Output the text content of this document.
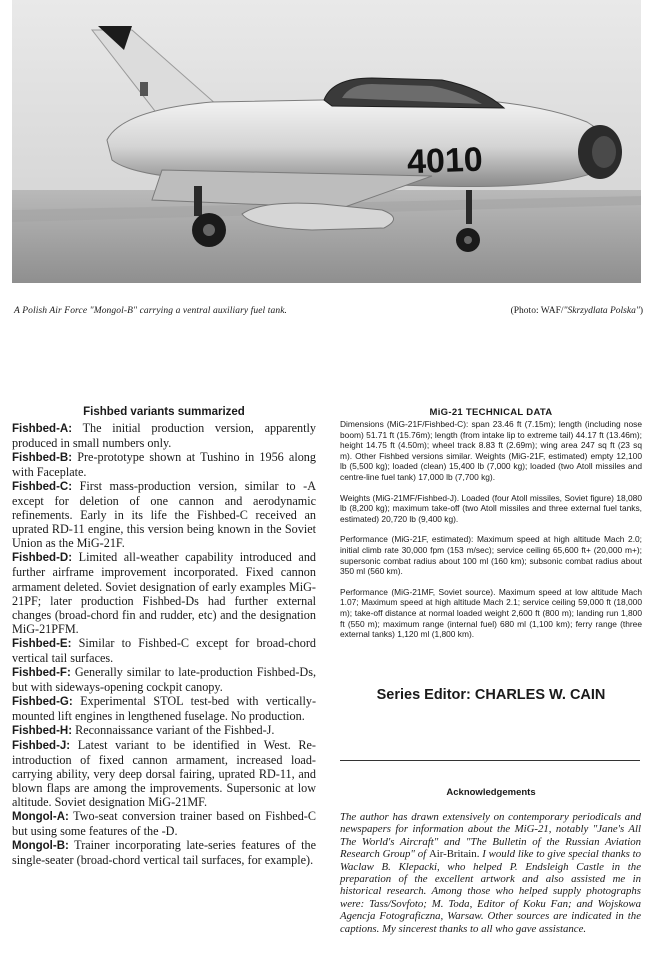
4010
A Polish Air Force "Mongol-B" carrying a ventral auxiliary fuel tank.	(Photo: WAF/"Skrzydlata Polska")
Fishbed variants summarized

Fishbed-A: The initial production version, apparently produced in small numbers only.

Fishbed-B: Pre-prototype shown at Tushino in 1956 along with Faceplate.

Fishbed-C: First mass-production version, similar to -A except for deletion of one cannon and aerodynamic refinements. Early in its life the Fishbed-C received an uprated RD-11 engine, this version being known in the Soviet Union as the MiG-21F.

Fishbed-D: Limited all-weather capability introduced and further airframe improvement incorporated. Fixed cannon armament deleted. Soviet designation of early examples MiG-21PF; later production Fishbed-Ds had further external changes (broad-chord fin and rudder, etc) and the designation MiG-21PFM.

Fishbed-E: Similar to Fishbed-C except for broad-chord vertical tail surfaces.

Fishbed-F: Generally similar to late-production Fishbed-Ds, but with sideways-opening cockpit canopy.

Fishbed-G: Experimental STOL test-bed with vertically-mounted lift engines in lengthened fuselage. No production.

Fishbed-H: Reconnaissance variant of the Fishbed-J.

Fishbed-J: Latest variant to be identified in West. Re-introduction of fixed cannon armament, increased load-carrying ability, very deep dorsal fairing, uprated RD-11, and blown flaps are among the improvements. Supersonic at low altitude. Soviet designation MiG-21MF.

Mongol-A: Two-seat conversion trainer based on Fishbed-C but using some features of the -D.

Mongol-B: Trainer incorporating late-series features of the single-seater (broad-chord vertical tail surfaces, for example).

MiG-21 TECHNICAL DATA

Dimensions (MiG-21F/Fishbed-C): span 23.46 ft (7.15m); length (including nose boom) 51.71 ft (15.76m); length (from intake lip to extreme tail) 44.17 ft (13.46m); height 14.75 ft (4.50m); wheel track 8.83 ft (2.69m); wing area 247 sq ft (23 sq m). Other Fishbed versions similar. Weights (MiG-21F, estimated) empty 12,100 lb (5,500 kg); loaded (clean) 15,400 lb (7,000 kg); loaded (two Atoll missiles and centre-line fuel tank) 17,000 lb (7,700 kg).

Weights (MiG-21MF/Fishbed-J). Loaded (four Atoll missiles, Soviet figure) 18,080 lb (8,200 kg); maximum take-off (two Atoll missiles and three external fuel tanks, estimated) 20,720 lb (9,400 kg).

Performance (MiG-21F, estimated): Maximum speed at high altitude Mach 2.0; initial climb rate 30,000 fpm (153 m/sec); service ceiling 65,600 ft+ (20,000 m+); supersonic combat radius about 100 ml (160 km); subsonic combat radius about 350 ml (560 km).

Performance (MiG-21MF, Soviet source). Maximum speed at low altitude Mach 1.07; Maximum speed at high altitude Mach 2.1; service ceiling 59,000 ft (18,000 m); take-off distance at normal loaded weight 2,600 ft (800 m); landing run 1,800 ft (550 m); maximum range (internal fuel) 680 ml (1,100 km); ferry range (three external tanks) 1,120 ml (1,800 km).

Series Editor: CHARLES W. CAIN
Acknowledgements

The author has drawn extensively on contemporary periodicals and newspapers for information about the MiG-21, notably "Jane's All The World's Aircraft" and "The Bulletin of the Russian Aviation Research Group" of Air-Britain. I would like to give special thanks to Waclaw B. Klepacki, who helped P. Endsleigh Castle in the preparation of the excellent artwork and also assisted me in historical research. Among those who helped supply photographs were: Tass/Sovfoto; M. Toda, Editor of Koku Fan; and Wojskowa Agencja Fotograficzna, Warsaw. Other sources are indicated in the captions. My sincerest thanks to all who gave assistance.
